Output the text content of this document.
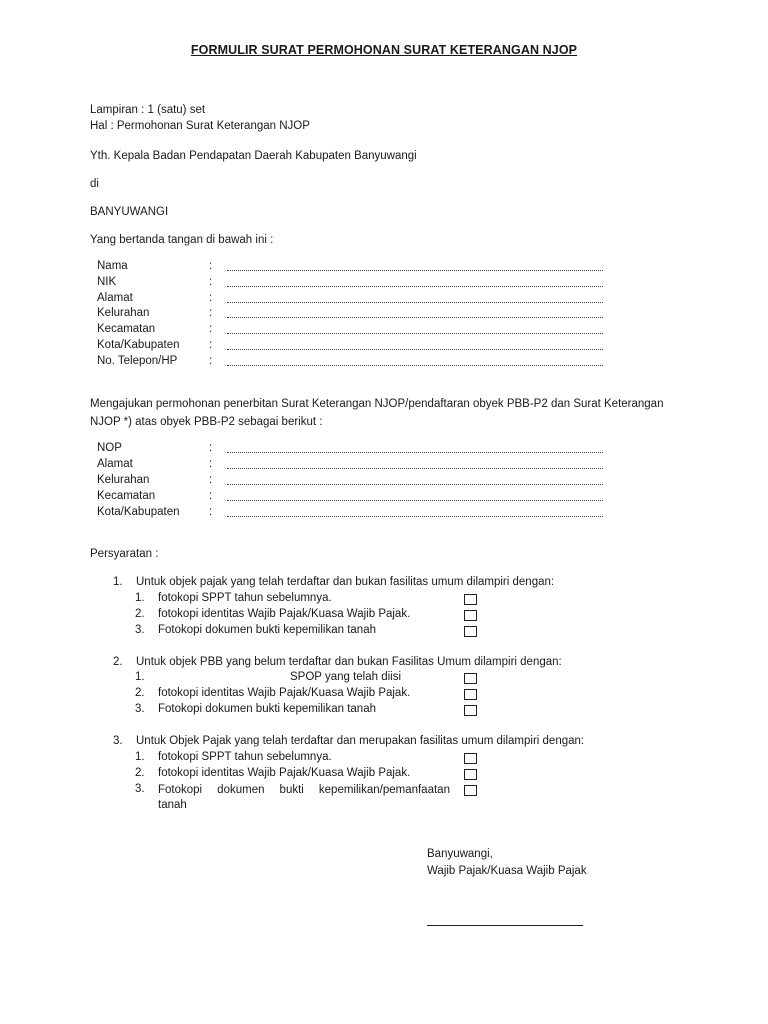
FORMULIR SURAT PERMOHONAN SURAT KETERANGAN NJOP
Lampiran : 1 (satu) set
Hal : Permohonan Surat Keterangan NJOP
Yth. Kepala Badan Pendapatan Daerah Kabupaten Banyuwangi
di
BANYUWANGI
Yang bertanda tangan di bawah ini :
Nama	:
NIK	:
Alamat	:
Kelurahan	:
Kecamatan	:
Kota/Kabupaten	:
No. Telepon/HP	:
Mengajukan permohonan penerbitan Surat Keterangan NJOP/pendaftaran obyek PBB-P2 dan Surat Keterangan
NJOP *) atas obyek PBB-P2 sebagai berikut :
NOP	:
Alamat	:
Kelurahan	:
Kecamatan	:
Kota/Kabupaten	:
Persyaratan :
1. Untuk objek pajak yang telah terdaftar dan bukan fasilitas umum dilampiri dengan:
1. fotokopi SPPT tahun sebelumnya.
2. fotokopi identitas Wajib Pajak/Kuasa Wajib Pajak.
3. Fotokopi dokumen bukti kepemilikan tanah
2. Untuk objek PBB yang belum terdaftar dan bukan Fasilitas Umum dilampiri dengan:
1.	SPOP yang telah diisi
2. fotokopi identitas Wajib Pajak/Kuasa Wajib Pajak.
3. Fotokopi dokumen bukti kepemilikan tanah
3. Untuk Objek Pajak yang telah terdaftar dan merupakan fasilitas umum dilampiri dengan:
1. fotokopi SPPT tahun sebelumnya.
2. fotokopi identitas Wajib Pajak/Kuasa Wajib Pajak.
3. Fotokopi dokumen bukti kepemilikan/pemanfaatan
tanah
Banyuwangi,
Wajib Pajak/Kuasa Wajib Pajak
